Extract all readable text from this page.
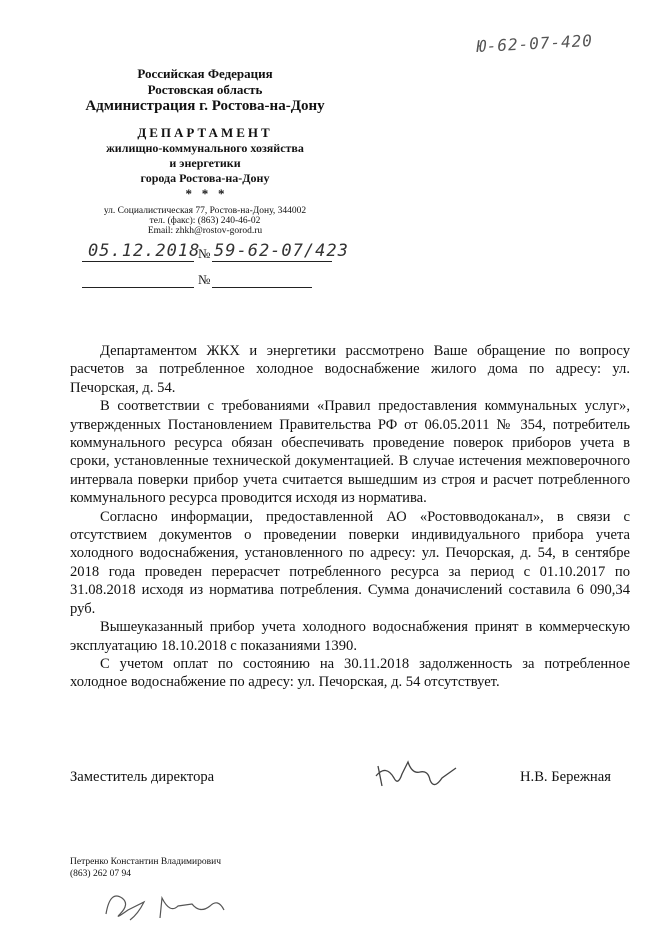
Ю-62-07-420
Российская Федерация
Ростовская область
Администрация г. Ростова-на-Дону
ДЕПАРТАМЕНТ
жилищно-коммунального хозяйства
и энергетики
города Ростова-на-Дону
*   *   *
ул. Социалистическая 77, Ростов-на-Дону, 344002
тел. (факс): (863) 240-46-02
Email: zhkh@rostov-gorod.ru
05.12.2018
№ 59-62-07/423
№

Департаментом ЖКХ и энергетики рассмотрено Ваше обращение по вопросу расчетов за потребленное холодное водоснабжение жилого дома по адресу: ул. Печорская, д. 54.

В соответствии с требованиями «Правил предоставления коммунальных услуг», утвержденных Постановлением Правительства РФ от 06.05.2011 № 354, потребитель коммунального ресурса обязан обеспечивать проведение поверок приборов учета в сроки, установленные технической документацией. В случае истечения межповерочного интервала поверки прибор учета считается вышедшим из строя и расчет потребленного коммунального ресурса проводится исходя из норматива.

Согласно информации, предоставленной АО «Ростовводоканал», в связи с отсутствием документов о проведении поверки индивидуального прибора учета холодного водоснабжения, установленного по адресу: ул. Печорская, д. 54, в сентябре 2018 года проведен перерасчет потребленного ресурса за период с 01.10.2017 по 31.08.2018 исходя из норматива потребления. Сумма доначислений составила 6 090,34 руб.

Вышеуказанный прибор учета холодного водоснабжения принят в коммерческую эксплуатацию 18.10.2018 с показаниями 1390.

С учетом оплат по состоянию на 30.11.2018 задолженность за потребленное холодное водоснабжение по адресу: ул. Печорская, д. 54 отсутствует.

Заместитель директора	Н.В. Бережная
Петренко Константин Владимирович
(863) 262 07 94
